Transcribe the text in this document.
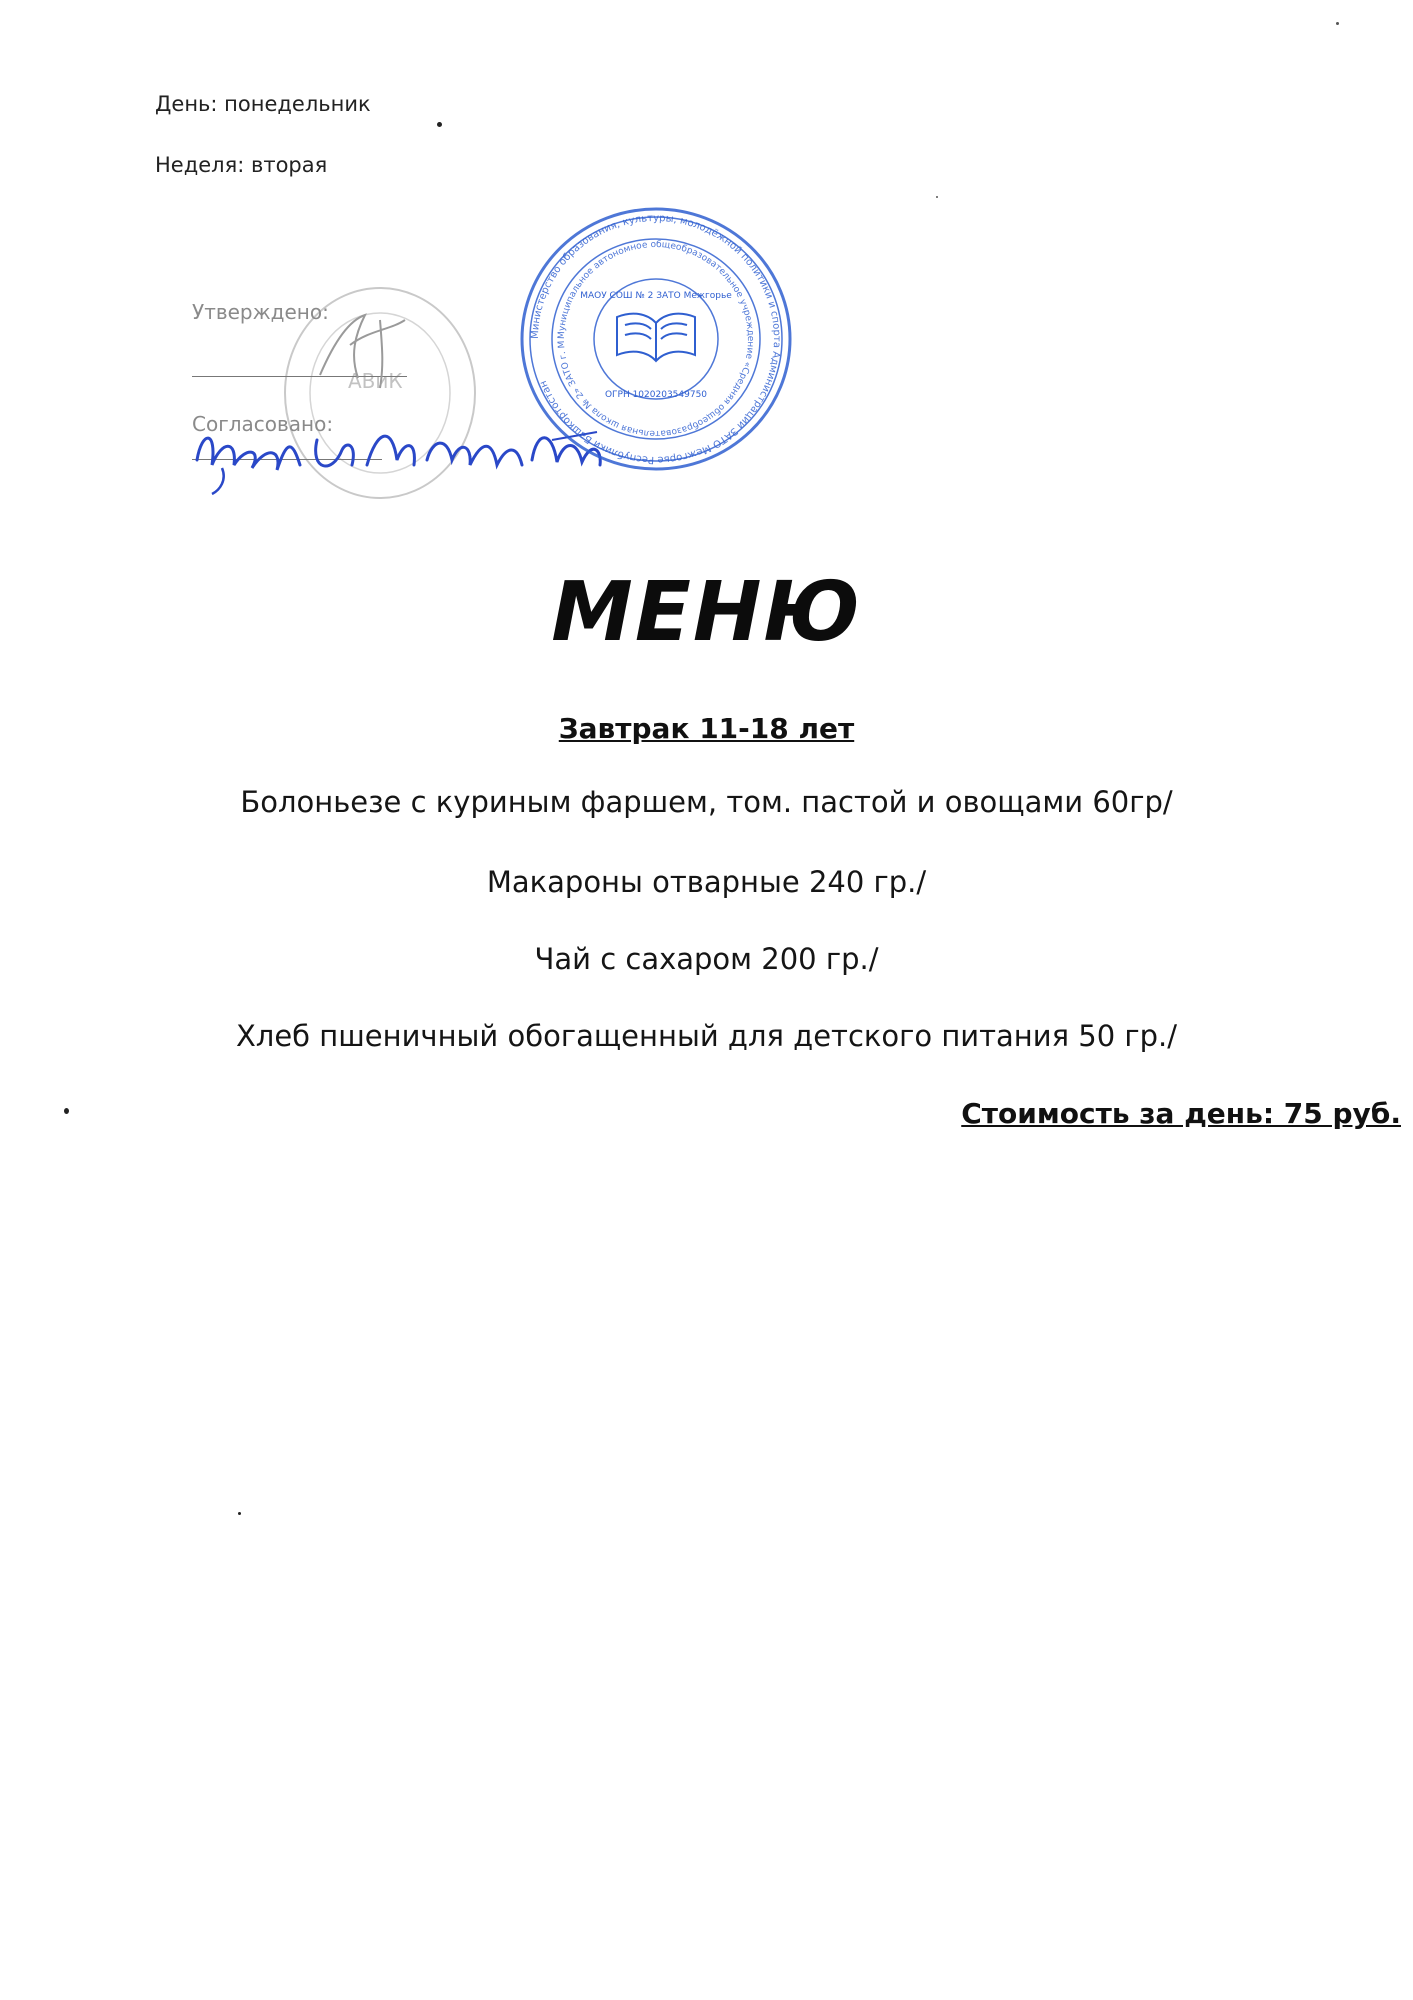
День: понедельник
Неделя: вторая
АВиК
Утверждено:
Согласовано:
Министерство образования, культуры, молодёжной политики и спорта Администрации ЗАТО Межгорье Республики Башкортостан
Муниципальное автономное общеобразовательное учреждение «Средняя общеобразовательная школа № 2» ЗАТО г. М
МАОУ СОШ № 2 ЗАТО Межгорье
ОГРН 1020203549750
МЕНЮ
Завтрак 11-18 лет
Болоньезе с куриным фаршем, том. пастой и овощами 60гр/
Макароны отварные 240 гр./
Чай с сахаром 200 гр./
Хлеб пшеничный обогащенный для детского питания 50 гр./
Стоимость за день: 75 руб.
